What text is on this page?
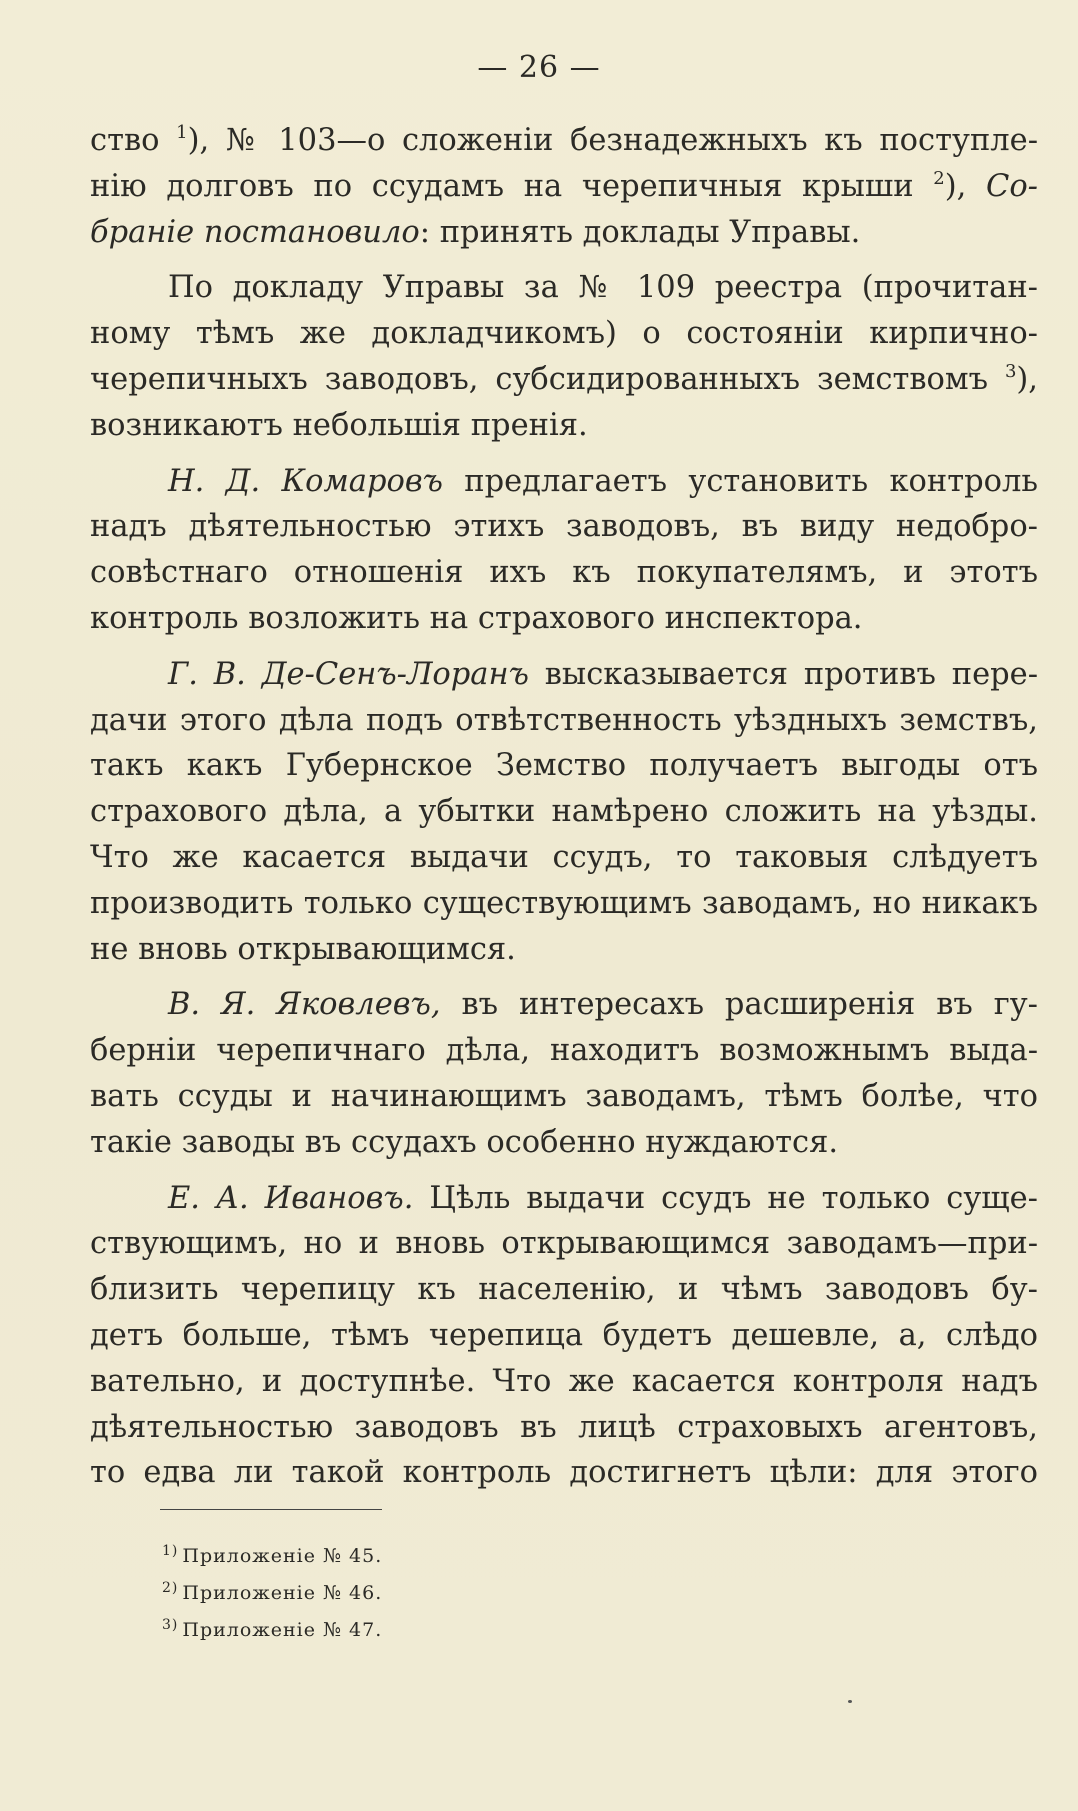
— 26 —
ство $^1$), № 103—о сложенiи безнадежныхъ къ поступле-
нiю долговъ по ссудамъ на черепичныя крыши $^2$), Со-
бранiе постановило: принять доклады Управы.
По докладу Управы за № 109 реестра (прочитан-
ному тѣмъ же докладчикомъ) о состоянiи кирпично-
черепичныхъ заводовъ, субсидированныхъ земствомъ $^3$),
возникаютъ небольшiя пренiя.
Н. Д. Комаровъ предлагаетъ установить контроль
надъ дѣятельностью этихъ заводовъ, въ виду недобро-
совѣстнаго отношенiя ихъ къ покупателямъ, и этотъ
контроль возложить на страхового инспектора.
Г. В. Де-Сенъ-Лоранъ высказывается противъ пере-
дачи этого дѣла подъ отвѣтственность уѣздныхъ земствъ,
такъ какъ Губернское Земство получаетъ выгоды отъ
страхового дѣла, а убытки намѣрено сложить на уѣзды.
Что же касается выдачи ссудъ, то таковыя слѣдуетъ
производить только существующимъ заводамъ, но никакъ
не вновь открывающимся.
В. Я. Яковлевъ, въ интересахъ расширенiя въ гу-
бернiи черепичнаго дѣла, находитъ возможнымъ выда-
вать ссуды и начинающимъ заводамъ, тѣмъ болѣе, что
такiе заводы въ ссудахъ особенно нуждаются.
Е. А. Ивановъ. Цѣль выдачи ссудъ не только суще-
ствующимъ, но и вновь открывающимся заводамъ—при-
близить черепицу къ населенiю, и чѣмъ заводовъ бу-
детъ больше, тѣмъ черепица будетъ дешевле, а, слѣдо
вательно, и доступнѣе. Что же касается контроля надъ
дѣятельностью заводовъ въ лицѣ страховыхъ агентовъ,
то едва ли такой контроль достигнетъ цѣли: для этого
$^{1)}$ Приложенiе № 45.
$^{2)}$ Приложенiе № 46.
$^{3)}$ Приложенiе № 47.
